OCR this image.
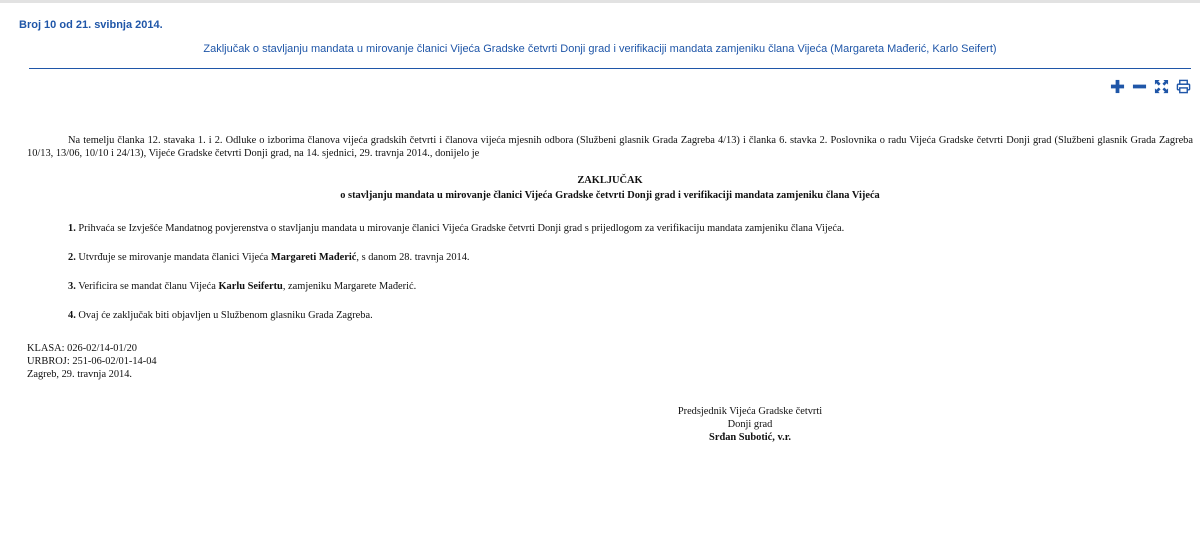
Broj 10 od 21. svibnja 2014.
Zaključak o stavljanju mandata u mirovanje članici Vijeća Gradske četvrti Donji grad i verifikaciji mandata zamjeniku člana Vijeća (Margareta Mađerić, Karlo Seifert)

Na temelju članka 12. stavaka 1. i 2. Odluke o izborima članova vijeća gradskih četvrti i članova vijeća mjesnih odbora (Službeni glasnik Grada Zagreba 4/13) i članka 6. stavka 2. Poslovnika o radu Vijeća Gradske četvrti Donji grad (Službeni glasnik Grada Zagreba 10/13, 13/06, 10/10 i 24/13), Vijeće Gradske četvrti Donji grad, na 14. sjednici, 29. travnja 2014., donijelo je

ZAKLJUČAK
o stavljanju mandata u mirovanje članici Vijeća Gradske četvrti Donji grad i verifikaciji mandata zamjeniku člana Vijeća

1. Prihvaća se Izvješće Mandatnog povjerenstva o stavljanju mandata u mirovanje članici Vijeća Gradske četvrti Donji grad s prijedlogom za verifikaciju mandata zamjeniku člana Vijeća.

2. Utvrđuje se mirovanje mandata članici Vijeća Margareti Mađerić, s danom 28. travnja 2014.

3. Verificira se mandat članu Vijeća Karlu Seifertu, zamjeniku Margarete Mađerić.

4. Ovaj će zaključak biti objavljen u Službenom glasniku Grada Zagreba.

KLASA: 026-02/14-01/20
URBROJ: 251-06-02/01-14-04
Zagreb, 29. travnja 2014.
Predsjednik Vijeća Gradske četvrti
Donji grad
Srđan Subotić, v.r.
